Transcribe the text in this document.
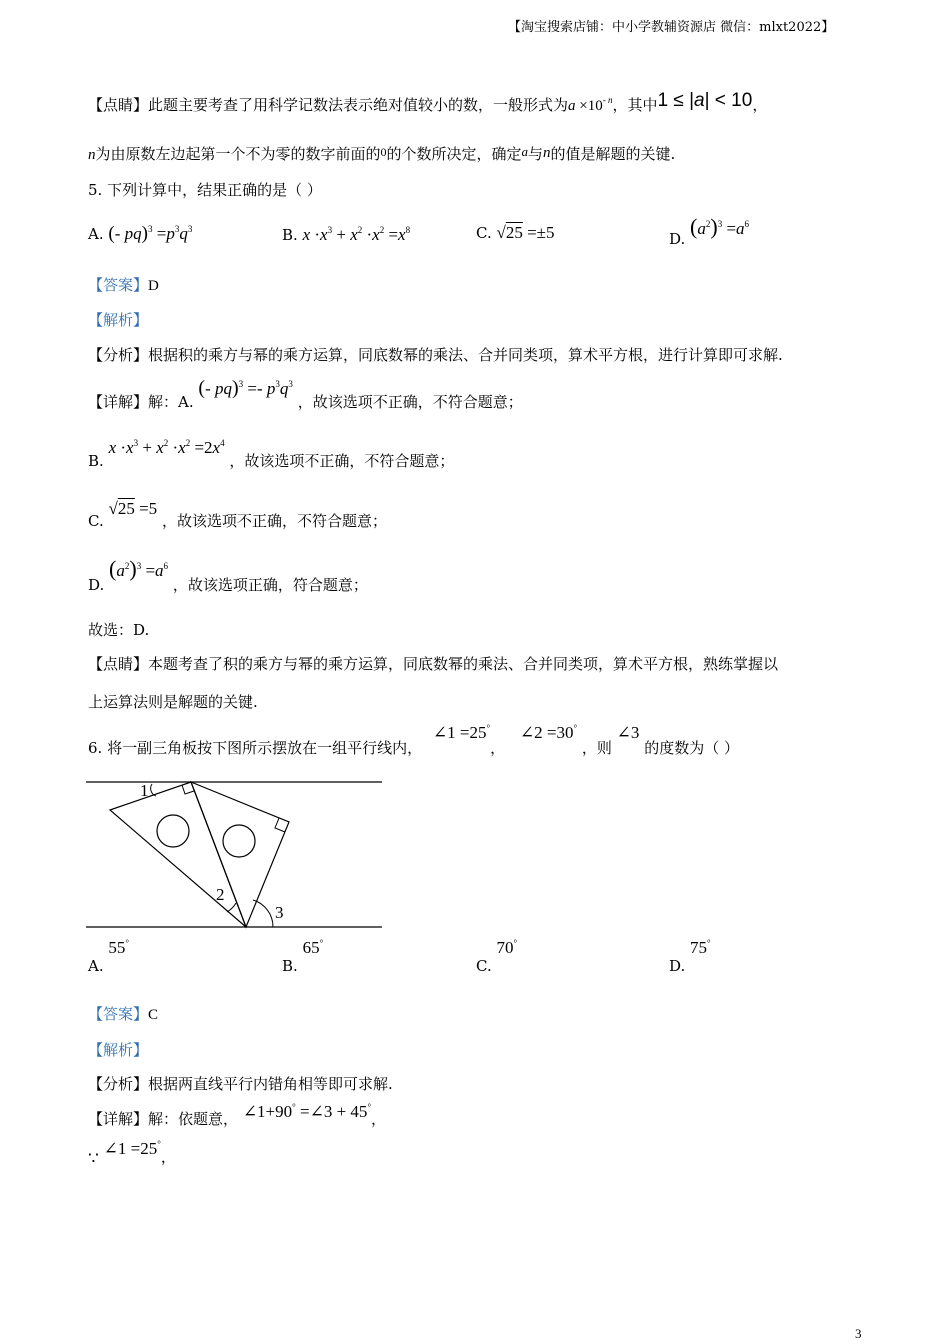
【淘宝搜索店铺：中小学教辅资源店 微信：mlxt2022】
【点睛】此题主要考查了用科学记数法表示绝对值较小的数，一般形式为$a \times 10^{- n}$，其中1 ≤ |a| < 10，
n为由原数左边起第一个不为零的数字前面的$^0$的个数所决定，确定a与n的值是解题的关键.
5. 下列计算中，结果正确的是（ ）
A. (- $pq)^3 =p^3q^3$	B. $x \cdot x^3 + x^2 \cdot x^2 =x^8$	C. √25 =±5	D. $(a^2)^3 =a^6$
【答案】D
【解析】
【分析】根据积的乘方与幂的乘方运算，同底数幂的乘法、合并同类项，算术平方根，进行计算即可求解.
【详解】解：A. (- $pq)^3 =- p^3q^3$ ，故该选项不正确，不符合题意；
B. $x \cdot x^3 + x^2 \cdot x^2 =2x^4$ ，故该选项不正确，不符合题意；
C. √25 =5 ，故该选项不正确，不符合题意；
D. $(a^2)^3 =a^6$ ，故该选项正确，符合题意；
故选：D.
【点睛】本题考查了积的乘方与幂的乘方运算，同底数幂的乘法、合并同类项，算术平方根，熟练掌握以
上运算法则是解题的关键.
6. 将一副三角板按下图所示摆放在一组平行线内， ∠1 =25°， ∠2 =30° ，则 ∠3 的度数为（ ）
1
2
3
A. 55°
B. 65°
C. 70°
D. 75°
【答案】C
【解析】
【分析】根据两直线平行内错角相等即可求解.
【详解】解：依题意， ∠1+90° =∠3 + 45°，
∵ ∠1 =25°，
3
